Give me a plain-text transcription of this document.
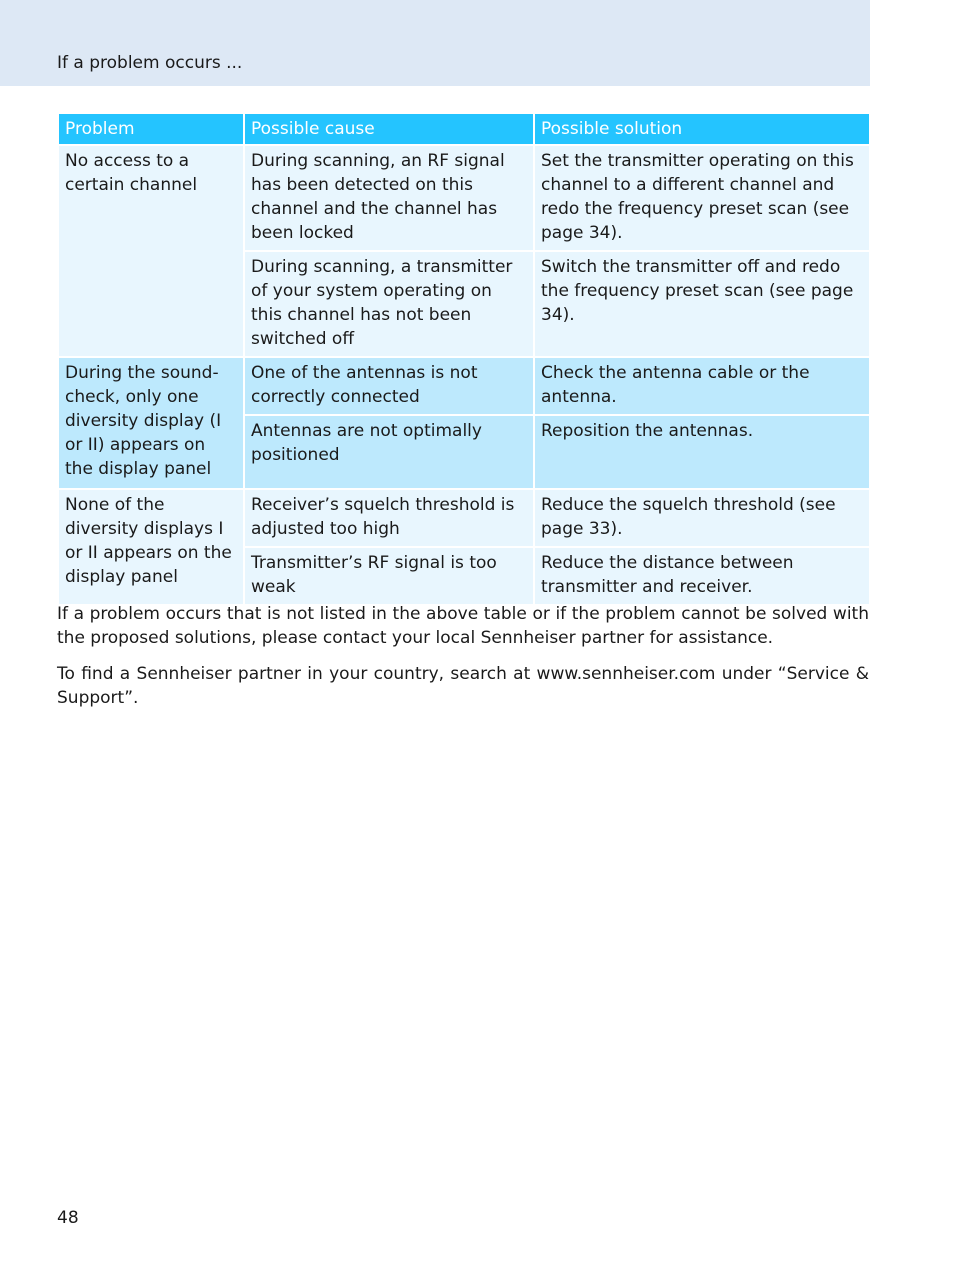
If a problem occurs ...
Problem	Possible cause	Possible solution
No access to a certain channel	During scanning, an RF signal has been detected on this channel and the channel has been locked	Set the transmitter operating on this channel to a different channel and redo the frequency preset scan (see page 34).
	During scanning, a transmitter of your system operating on this channel has not been switched off	Switch the transmitter off and redo the frequency preset scan (see page 34).
During the sound-check, only one diversity display (I or II) appears on the display panel	One of the antennas is not correctly connected	Check the antenna cable or the antenna.
	Antennas are not optimally positioned	Reposition the antennas.
None of the diversity displays I or II appears on the display panel	Receiver’s squelch threshold is adjusted too high	Reduce the squelch threshold (see page 33).
	Transmitter’s RF signal is too weak	Reduce the distance between transmitter and receiver.

If a problem occurs that is not listed in the above table or if the problem cannot be solved with the proposed solutions, please contact your local Sennheiser partner for assistance.

To find a Sennheiser partner in your country, search at www.sennheiser.com under “Service & Support”.

48
